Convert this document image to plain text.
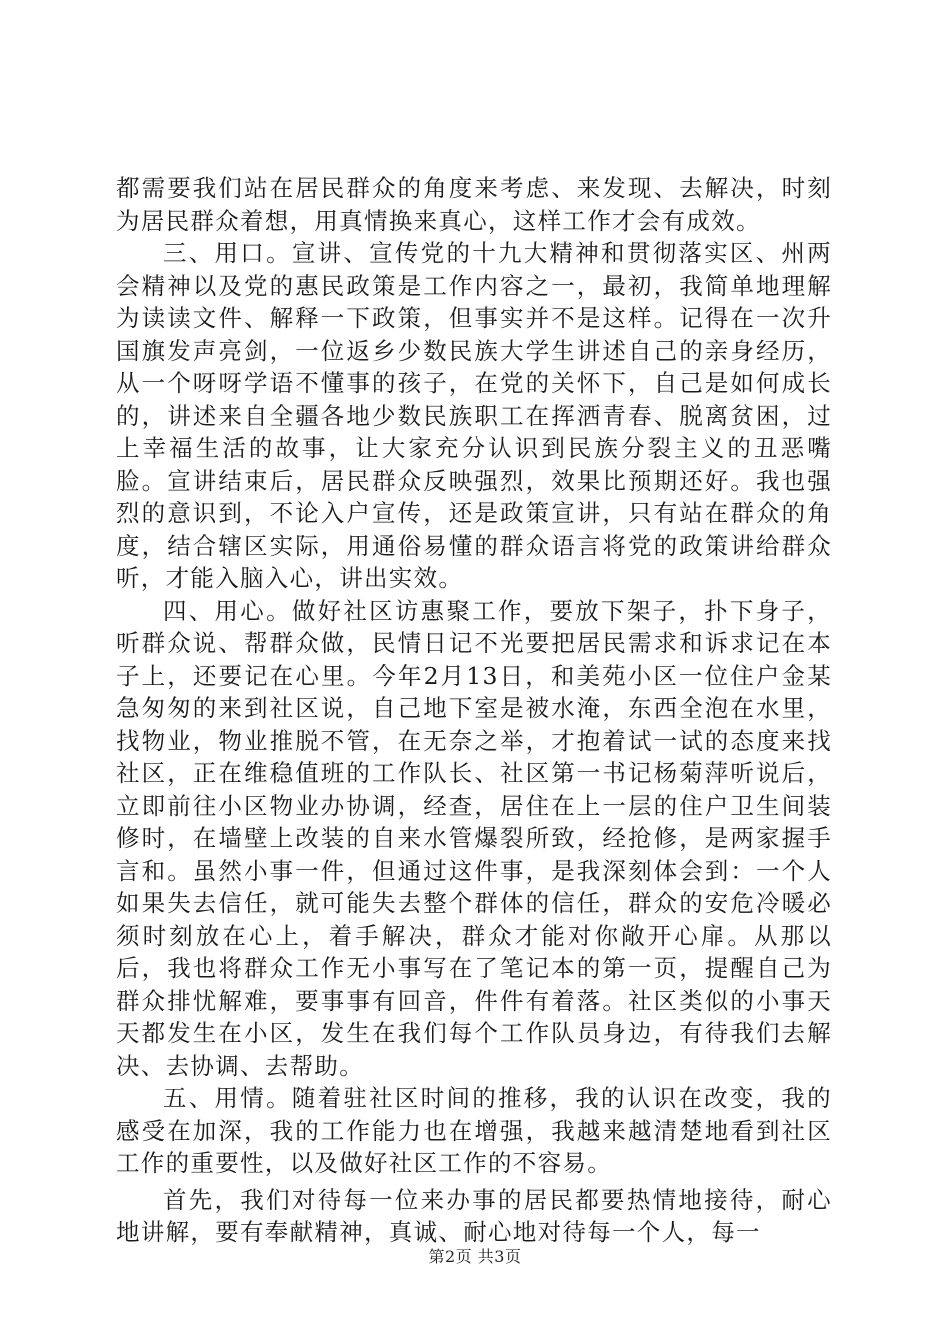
都需要我们站在居民群众的角度来考虑、来发现、去解决，时刻为居民群众着想，用真情换来真心，这样工作才会有成效。

三、用口。宣讲、宣传党的十九大精神和贯彻落实区、州两会精神以及党的惠民政策是工作内容之一，最初，我简单地理解为读读文件、解释一下政策，但事实并不是这样。记得在一次升国旗发声亮剑，一位返乡少数民族大学生讲述自己的亲身经历，从一个呀呀学语不懂事的孩子，在党的关怀下，自己是如何成长的，讲述来自全疆各地少数民族职工在挥洒青春、脱离贫困，过上幸福生活的故事，让大家充分认识到民族分裂主义的丑恶嘴脸。宣讲结束后，居民群众反映强烈，效果比预期还好。我也强烈的意识到，不论入户宣传，还是政策宣讲，只有站在群众的角度，结合辖区实际，用通俗易懂的群众语言将党的政策讲给群众听，才能入脑入心，讲出实效。

四、用心。做好社区访惠聚工作，要放下架子，扑下身子，听群众说、帮群众做，民情日记不光要把居民需求和诉求记在本子上，还要记在心里。今年2月13日，和美苑小区一位住户金某急匆匆的来到社区说，自己地下室是被水淹，东西全泡在水里，找物业，物业推脱不管，在无奈之举，才抱着试一试的态度来找社区，正在维稳值班的工作队长、社区第一书记杨菊萍听说后，立即前往小区物业办协调，经查，居住在上一层的住户卫生间装修时，在墙壁上改装的自来水管爆裂所致，经抢修，是两家握手言和。虽然小事一件，但通过这件事，是我深刻体会到：一个人如果失去信任，就可能失去整个群体的信任，群众的安危冷暖必须时刻放在心上，着手解决，群众才能对你敞开心扉。从那以后，我也将群众工作无小事写在了笔记本的第一页，提醒自己为群众排忧解难，要事事有回音，件件有着落。社区类似的小事天天都发生在小区，发生在我们每个工作队员身边，有待我们去解决、去协调、去帮助。

五、用情。随着驻社区时间的推移，我的认识在改变，我的感受在加深，我的工作能力也在增强，我越来越清楚地看到社区工作的重要性，以及做好社区工作的不容易。

首先，我们对待每一位来办事的居民都要热情地接待，耐心地讲解，要有奉献精神，真诚、耐心地对待每一个人，每一

第2页 共3页
